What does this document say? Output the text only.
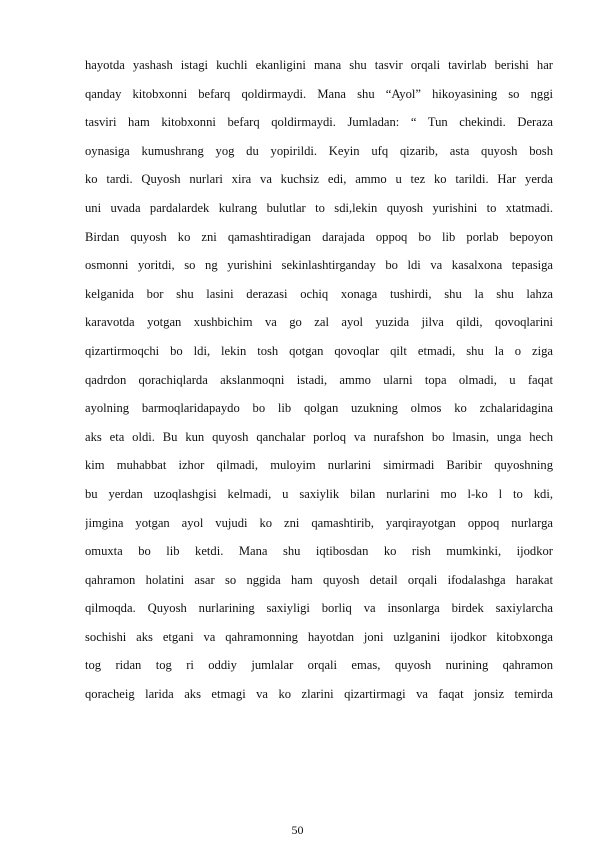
hayotda yashash istagi kuchli ekanligini mana shu tasvir orqali tavirlab berishi har
qanday kitobxonni befarq qoldirmaydi. Mana shu “Ayol” hikoyasining so nggi
tasviri ham kitobxonni befarq qoldirmaydi. Jumladan: “ Tun chekindi. Deraza
oynasiga kumushrang yog du yopirildi. Keyin ufq qizarib, asta quyosh bosh
ko tardi. Quyosh nurlari xira va kuchsiz edi, ammo u tez ko tarildi. Har yerda
uni uvada pardalardek kulrang bulutlar to sdi,lekin quyosh yurishini to xtatmadi.
Birdan quyosh ko zni qamashtiradigan darajada oppoq bo lib porlab bepoyon
osmonni yoritdi, so ng yurishini sekinlashtirganday bo ldi va kasalxona tepasiga
kelganida bor shu lasini derazasi ochiq xonaga tushirdi, shu la shu lahza
karavotda yotgan xushbichim va go zal ayol yuzida jilva qildi, qovoqlarini
qizartirmoqchi bo ldi, lekin tosh qotgan qovoqlar qilt etmadi, shu la o ziga
qadrdon qorachiqlarda akslanmoqni istadi, ammo ularni topa olmadi, u faqat
ayolning barmoqlaridapaydo bo lib qolgan uzukning olmos ko zchalaridagina
aks eta oldi. Bu kun quyosh qanchalar porloq va nurafshon bo lmasin, unga hech
kim muhabbat izhor qilmadi, muloyim nurlarini simirmadi Baribir quyoshning
bu yerdan uzoqlashgisi kelmadi, u saxiylik bilan nurlarini mo l-ko l to kdi,
jimgina yotgan ayol vujudi ko zni qamashtirib, yarqirayotgan oppoq nurlarga
omuxta bo lib ketdi. Mana shu iqtibosdan ko rish mumkinki, ijodkor
qahramon holatini asar so nggida ham quyosh detail orqali ifodalashga harakat
qilmoqda. Quyosh nurlarining saxiyligi borliq va insonlarga birdek saxiylarcha
sochishi aks etgani va qahramonning hayotdan joni uzlganini ijodkor kitobxonga
tog ridan tog ri oddiy jumlalar orqali emas, quyosh nurining qahramon
qoracheig larida aks etmagi va ko zlarini qizartirmagi va faqat jonsiz temirda
50
